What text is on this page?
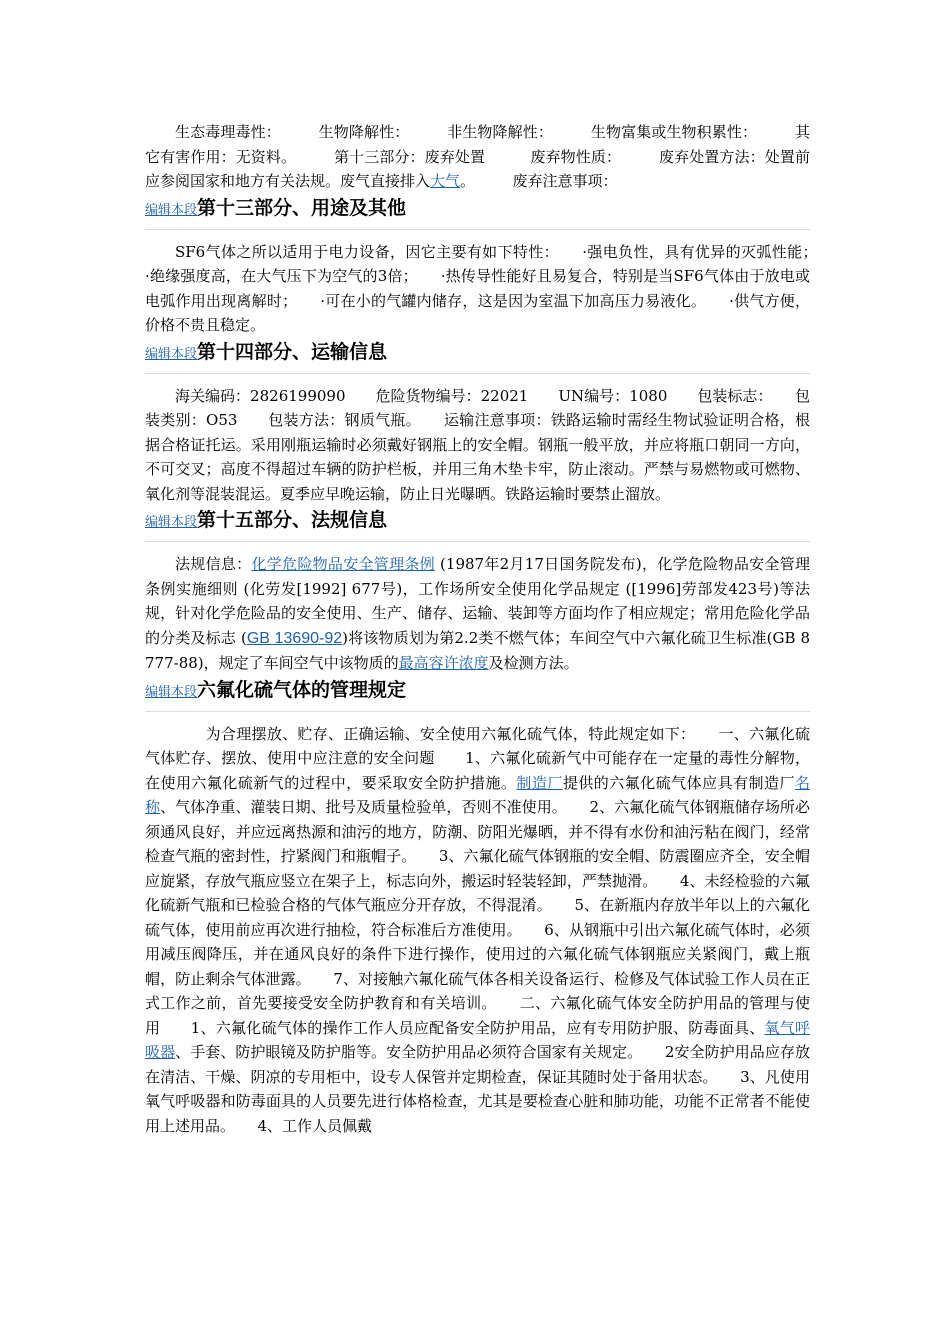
生态毒理毒性：　　　生物降解性：　　　非生物降解性：　　　生物富集或生物积累性：　　　其它有害作用：无资料。　　　第十三部分：废弃处置　　　废弃物性质：　　　废弃处置方法：处置前应参阅国家和地方有关法规。废气直接排入大气。　　　废弃注意事项：

编辑本段第十三部分、用途及其他

SF6气体之所以适用于电力设备，因它主要有如下特性：　　·强电负性，具有优异的灭弧性能；　　·绝缘强度高，在大气压下为空气的3倍；　　·热传导性能好且易复合，特别是当SF6气体由于放电或电弧作用出现离解时；　　·可在小的气罐内储存，这是因为室温下加高压力易液化。　　·供气方便，价格不贵且稳定。

编辑本段第十四部分、运输信息

海关编码：2826199090　　危险货物编号：22021　　UN编号：1080　　包装标志：　　包装类别：O53　　包装方法：钢质气瓶。　　运输注意事项：铁路运输时需经生物试验证明合格，根据合格证托运。采用刚瓶运输时必须戴好钢瓶上的安全帽。钢瓶一般平放，并应将瓶口朝同一方向，不可交叉；高度不得超过车辆的防护栏板，并用三角木垫卡牢，防止滚动。严禁与易燃物或可燃物、氧化剂等混装混运。夏季应早晚运输，防止日光曝晒。铁路运输时要禁止溜放。

编辑本段第十五部分、法规信息

法规信息：化学危险物品安全管理条例 (1987年2月17日国务院发布)，化学危险物品安全管理条例实施细则 (化劳发[1992] 677号)，工作场所安全使用化学品规定 ([1996]劳部发423号)等法规，针对化学危险品的安全使用、生产、储存、运输、装卸等方面均作了相应规定；常用危险化学品的分类及标志 (GB 13690-92)将该物质划为第2.2类不燃气体；车间空气中六氟化硫卫生标准(GB 8777-88)，规定了车间空气中该物质的最高容许浓度及检测方法。

编辑本段六氟化硫气体的管理规定

　　为合理摆放、贮存、正确运输、安全使用六氟化硫气体，特此规定如下：　　一、六氟化硫气体贮存、摆放、使用中应注意的安全问题　　1、六氟化硫新气中可能存在一定量的毒性分解物，在使用六氟化硫新气的过程中，要采取安全防护措施。制造厂提供的六氟化硫气体应具有制造厂名称、气体净重、灌装日期、批号及质量检验单，否则不准使用。　　2、六氟化硫气体钢瓶储存场所必须通风良好，并应远离热源和油污的地方，防潮、防阳光爆晒，并不得有水份和油污粘在阀门，经常检查气瓶的密封性，拧紧阀门和瓶帽子。　　3、六氟化硫气体钢瓶的安全帽、防震圈应齐全，安全帽应旋紧，存放气瓶应竖立在架子上，标志向外，搬运时轻装轻卸，严禁抛滑。　　4、未经检验的六氟化硫新气瓶和已检验合格的气体气瓶应分开存放，不得混淆。　　5、在新瓶内存放半年以上的六氟化硫气体，使用前应再次进行抽检，符合标准后方准使用。　　6、从钢瓶中引出六氟化硫气体时，必须用减压阀降压，并在通风良好的条件下进行操作，使用过的六氟化硫气体钢瓶应关紧阀门，戴上瓶帽，防止剩余气体泄露。　　7、对接触六氟化硫气体各相关设备运行、检修及气体试验工作人员在正式工作之前，首先要接受安全防护教育和有关培训。　　二、六氟化硫气体安全防护用品的管理与使用　　1、六氟化硫气体的操作工作人员应配备安全防护用品，应有专用防护服、防毒面具、氧气呼吸器、手套、防护眼镜及防护脂等。安全防护用品必须符合国家有关规定。　　2安全防护用品应存放在清洁、干燥、阴凉的专用柜中，设专人保管并定期检查，保证其随时处于备用状态。　　3、凡使用氧气呼吸器和防毒面具的人员要先进行体格检查，尤其是要检查心脏和肺功能，功能不正常者不能使用上述用品。　　4、工作人员佩戴
